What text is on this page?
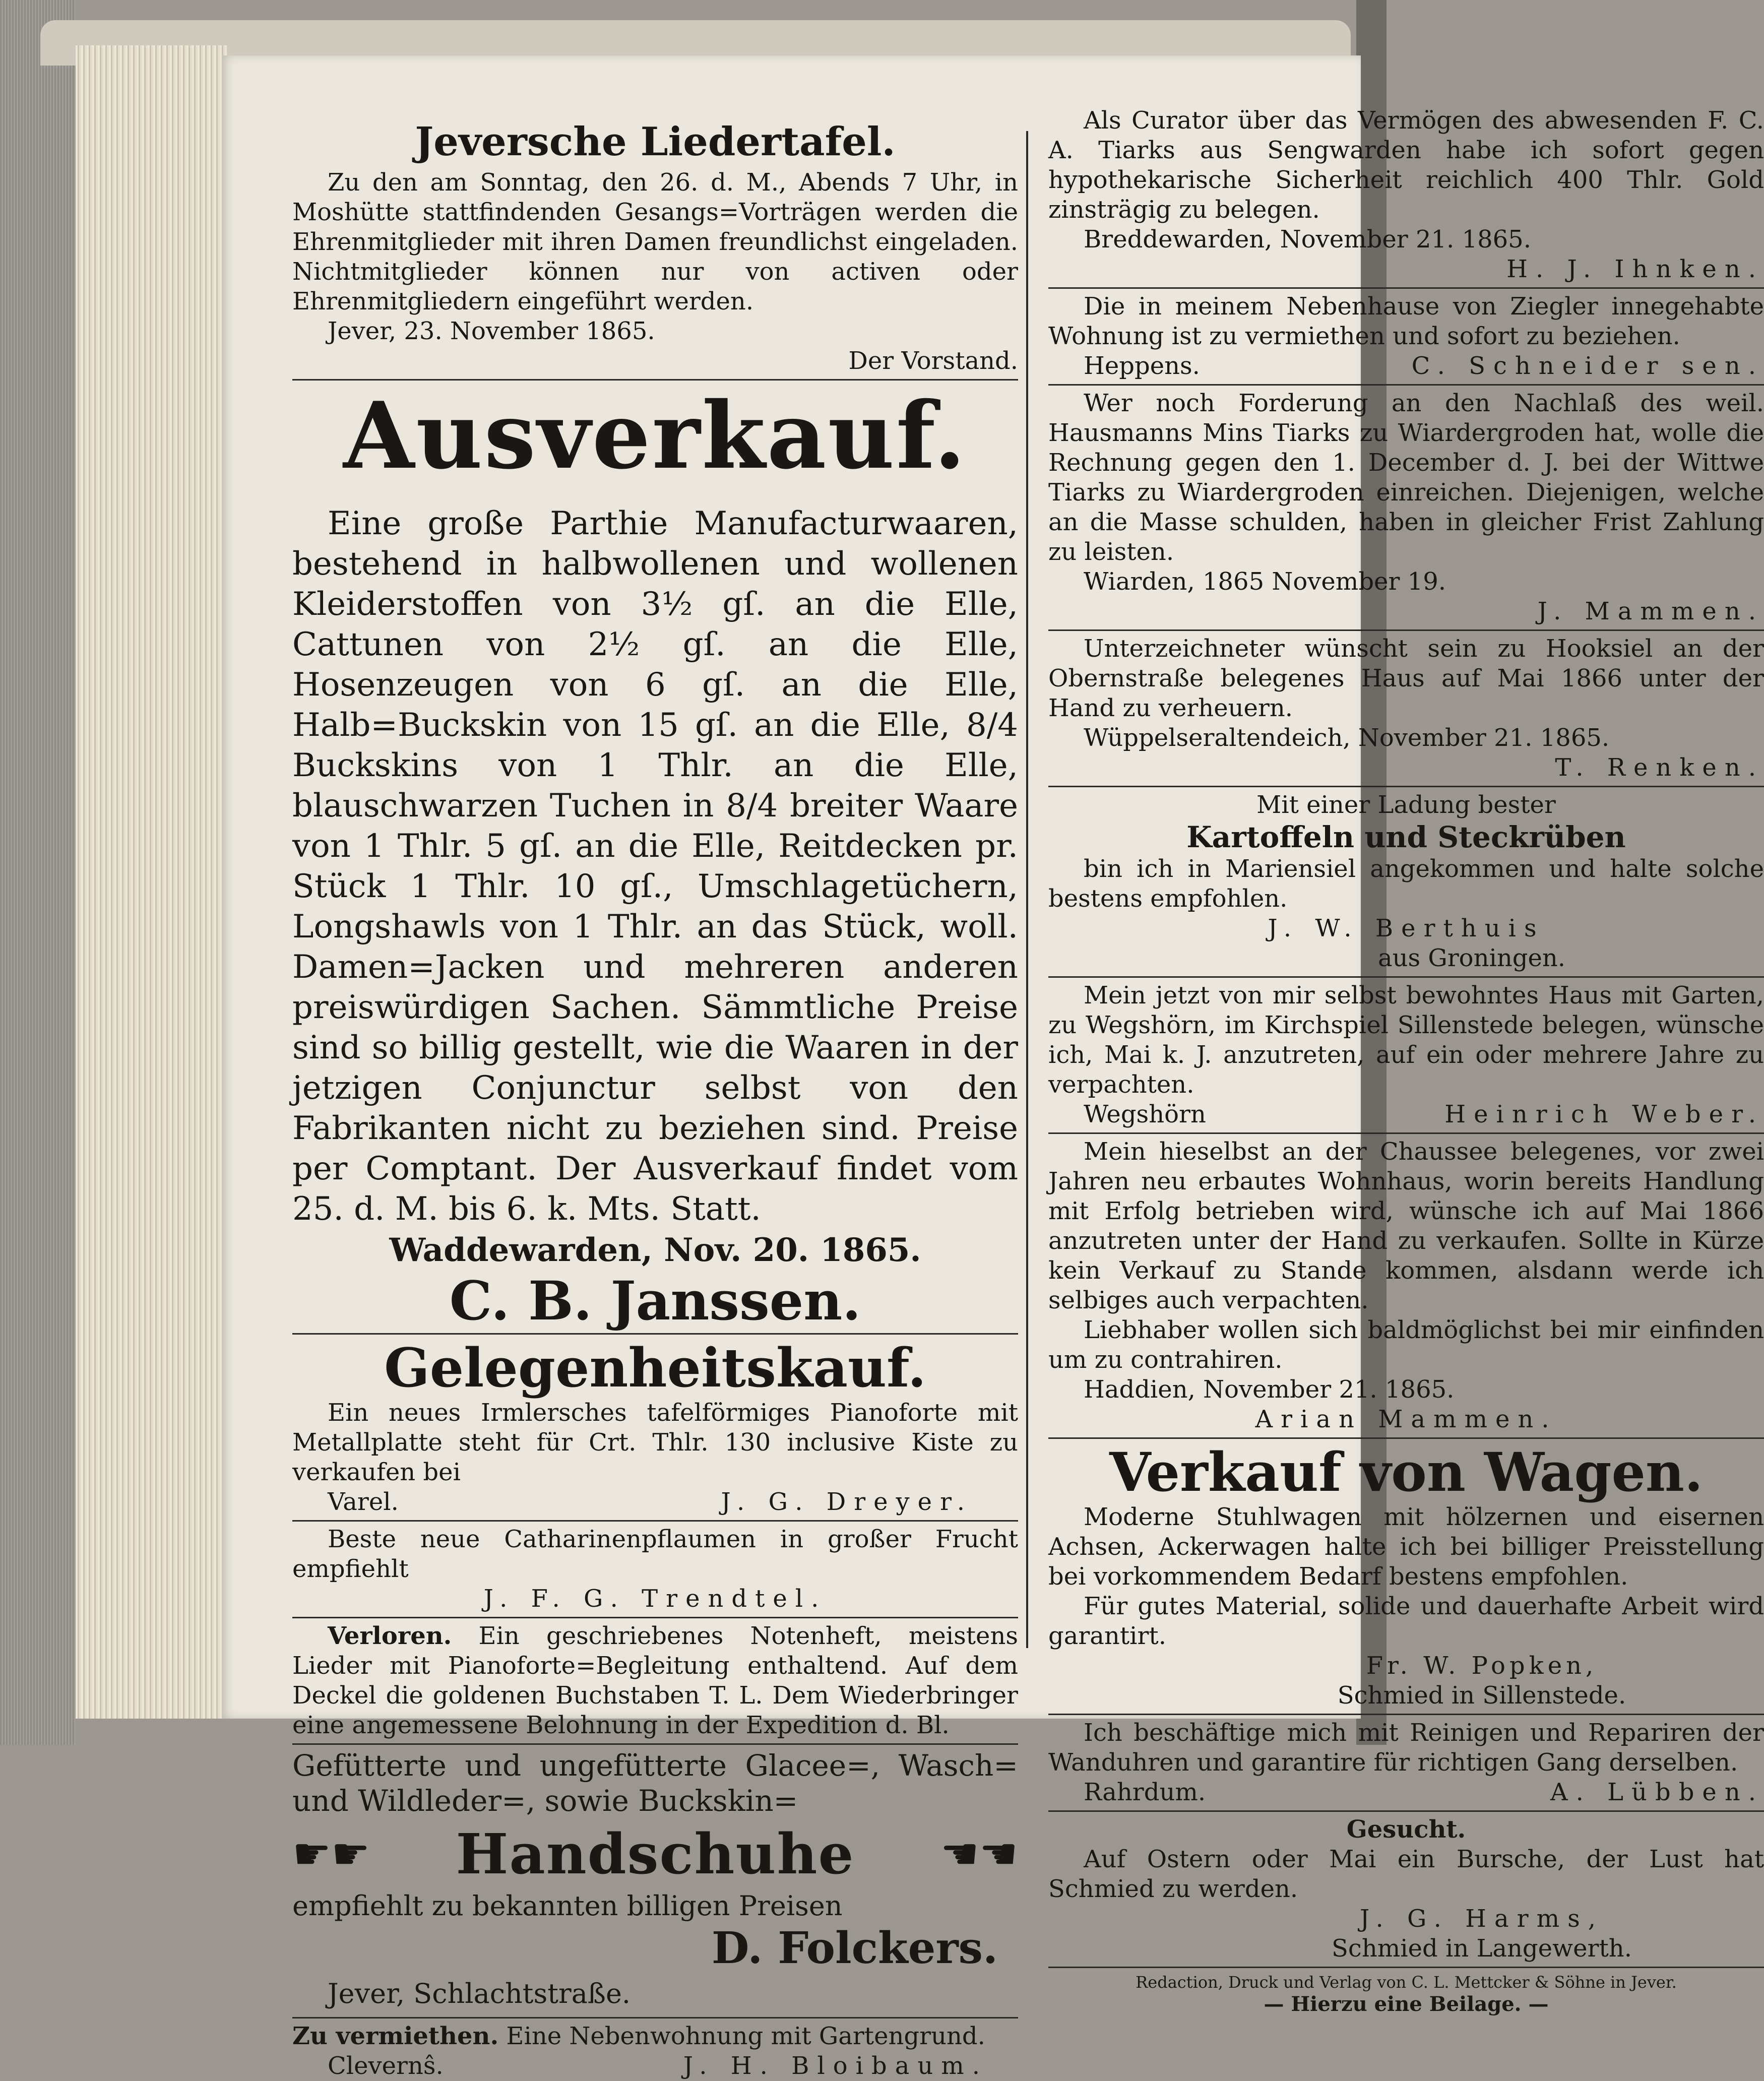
Jeversche Liedertafel.
Zu den am Sonntag, den 26. d. M., Abends 7 Uhr, in Moshütte stattfindenden Gesangs=Vorträgen werden die Ehrenmitglieder mit ihren Damen freundlichst eingeladen. Nichtmitglieder können nur von activen oder Ehrenmitgliedern eingeführt werden.
Jever, 23. November 1865.
Der Vorstand.
Ausverkauf.
Eine große Parthie Manufacturwaaren, bestehend in halbwollenen und wollenen Kleiderstoffen von 3½ gſ. an die Elle, Cattunen von 2½ gſ. an die Elle, Hosenzeugen von 6 gſ. an die Elle, Halb=Buckskin von 15 gſ. an die Elle, 8/4 Buckskins von 1 Thlr. an die Elle, blauschwarzen Tuchen in 8/4 breiter Waare von 1 Thlr. 5 gſ. an die Elle, Reitdecken pr. Stück 1 Thlr. 10 gſ., Umschlagetüchern, Longshawls von 1 Thlr. an das Stück, woll. Damen=Jacken und mehreren anderen preiswürdigen Sachen. Sämmtliche Preise sind so billig gestellt, wie die Waaren in der jetzigen Conjunctur selbst von den Fabrikanten nicht zu beziehen sind. Preise per Comptant. Der Ausverkauf findet vom 25. d. M. bis 6. k. Mts. Statt.
Waddewarden, Nov. 20. 1865.
C. B. Janssen.
Gelegenheitskauf.
Ein neues Irmlersches tafelförmiges Pianoforte mit Metallplatte steht für Crt. Thlr. 130 inclusive Kiste zu verkaufen bei
Varel.	J. G. Dreyer.
Beste neue Catharinenpflaumen in großer Frucht empfiehlt
J. F. G. Trendtel.
Verloren. Ein geschriebenes Notenheft, meistens Lieder mit Pianoforte=Begleitung enthaltend. Auf dem Deckel die goldenen Buchstaben T. L. Dem Wiederbringer eine angemessene Belohnung in der Expedition d. Bl.
Gefütterte und ungefütterte Glacee=, Wasch= und Wildleder=, sowie Buckskin=
☛☛ Handschuhe ☚☚
empfiehlt zu bekannten billigen Preisen
D. Folckers.
Jever, Schlachtstraße.
Zu vermiethen. Eine Nebenwohnung mit Gartengrund.
Clevernŝ.	J. H. Bloibaum.
Als Curator über das Vermögen des abwesenden F. C. A. Tiarks aus Sengwarden habe ich sofort gegen hypothekarische Sicherheit reichlich 400 Thlr. Gold zinsträgig zu belegen.
Breddewarden, November 21. 1865.
H. J. Ihnken.
Die in meinem Nebenhause von Ziegler innegehabte Wohnung ist zu vermiethen und sofort zu beziehen.
Heppens.	C. Schneider sen.
Wer noch Forderung an den Nachlaß des weil. Hausmanns Mins Tiarks zu Wiardergroden hat, wolle die Rechnung gegen den 1. December d. J. bei der Wittwe Tiarks zu Wiardergroden einreichen. Diejenigen, welche an die Masse schulden, haben in gleicher Frist Zahlung zu leisten.
Wiarden, 1865 November 19.
J. Mammen.
Unterzeichneter wünscht sein zu Hooksiel an der Obernstraße belegenes Haus auf Mai 1866 unter der Hand zu verheuern.
Wüppelseraltendeich, November 21. 1865.
T. Renken.
Mit einer Ladung bester
Kartoffeln und Steckrüben
bin ich in Mariensiel angekommen und halte solche bestens empfohlen.
J. W. Berthuis
aus Groningen.
Mein jetzt von mir selbst bewohntes Haus mit Garten, zu Wegshörn, im Kirchspiel Sillenstede belegen, wünsche ich, Mai k. J. anzutreten, auf ein oder mehrere Jahre zu verpachten.
Wegshörn	Heinrich Weber.
Mein hieselbst an der Chaussee belegenes, vor zwei Jahren neu erbautes Wohnhaus, worin bereits Handlung mit Erfolg betrieben wird, wünsche ich auf Mai 1866 anzutreten unter der Hand zu verkaufen. Sollte in Kürze kein Verkauf zu Stande kommen, alsdann werde ich selbiges auch verpachten.
Liebhaber wollen sich baldmöglichst bei mir einfinden um zu contrahiren.
Haddien, November 21. 1865.
Arian Mammen.
Verkauf von Wagen.
Moderne Stuhlwagen mit hölzernen und eisernen Achsen, Ackerwagen halte ich bei billiger Preisstellung bei vorkommendem Bedarf bestens empfohlen.
Für gutes Material, solide und dauerhafte Arbeit wird garantirt.
Fr. W. Popken,
Schmied in Sillenstede.
Ich beschäftige mich mit Reinigen und Repariren der Wanduhren und garantire für richtigen Gang derselben.
Rahrdum.	A. Lübben.
Gesucht.
Auf Ostern oder Mai ein Bursche, der Lust hat Schmied zu werden.
J. G. Harms,
Schmied in Langewerth.
Redaction, Druck und Verlag von C. L. Mettcker & Söhne in Jever.
— Hierzu eine Beilage. —
